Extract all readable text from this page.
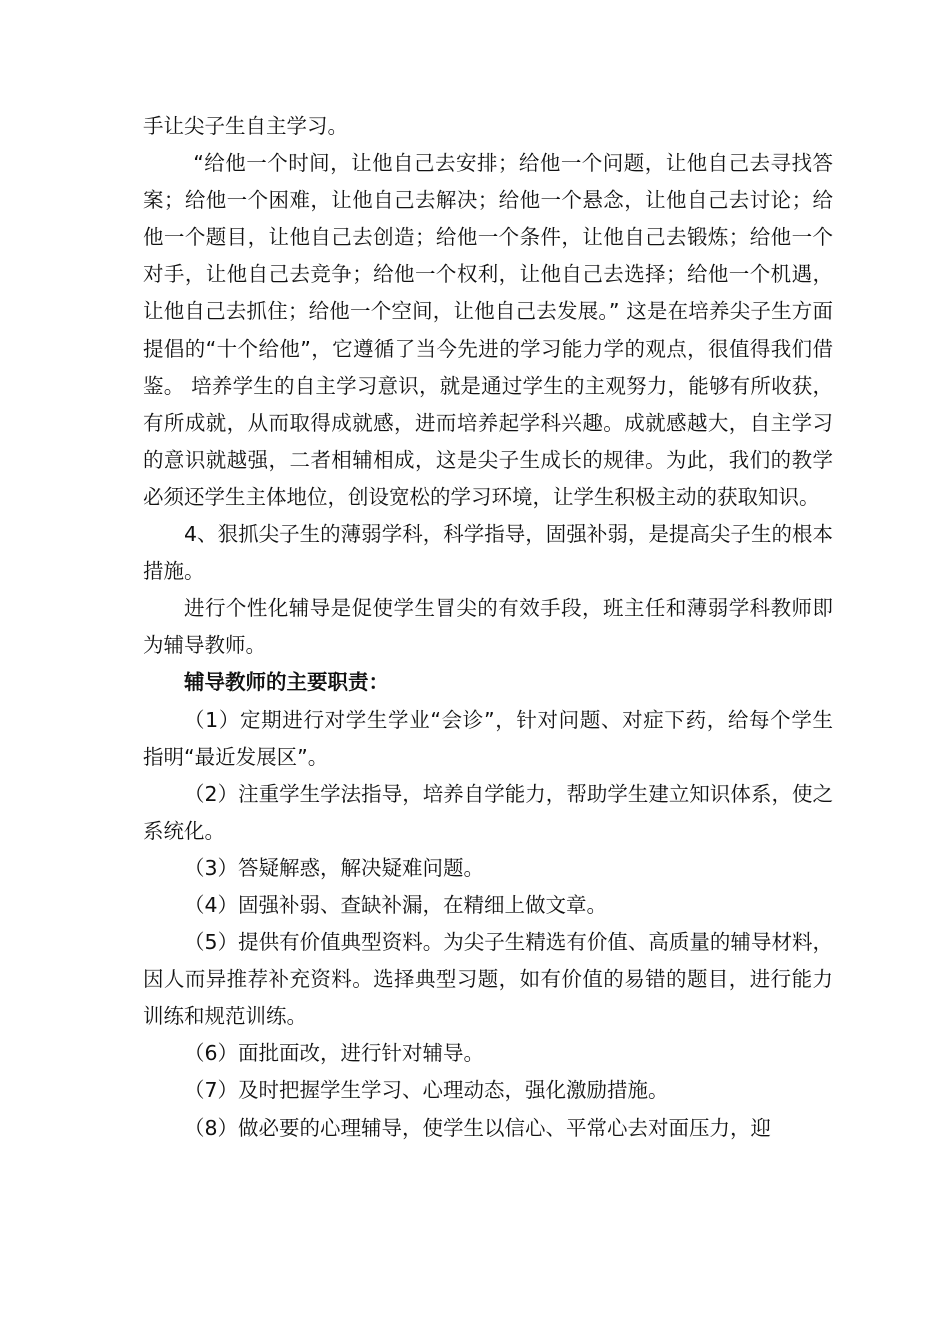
手让尖子生自主学习。

“给他一个时间，让他自己去安排；给他一个问题，让他自己去寻找答案；给他一个困难，让他自己去解决；给他一个悬念，让他自己去讨论；给他一个题目，让他自己去创造；给他一个条件，让他自己去锻炼；给他一个对手，让他自己去竞争；给他一个权利，让他自己去选择；给他一个机遇，让他自己去抓住；给他一个空间，让他自己去发展。” 这是在培养尖子生方面提倡的“十个给他”，它遵循了当今先进的学习能力学的观点，很值得我们借鉴。 培养学生的自主学习意识，就是通过学生的主观努力，能够有所收获，有所成就，从而取得成就感，进而培养起学科兴趣。成就感越大，自主学习的意识就越强，二者相辅相成，这是尖子生成长的规律。为此，我们的教学必须还学生主体地位，创设宽松的学习环境，让学生积极主动的获取知识。

4、狠抓尖子生的薄弱学科，科学指导，固强补弱，是提高尖子生的根本措施。

进行个性化辅导是促使学生冒尖的有效手段，班主任和薄弱学科教师即为辅导教师。

辅导教师的主要职责：

（1）定期进行对学生学业“会诊”，针对问题、对症下药，给每个学生指明“最近发展区”。

（2）注重学生学法指导，培养自学能力，帮助学生建立知识体系，使之系统化。

（3）答疑解惑，解决疑难问题。

（4）固强补弱、查缺补漏，在精细上做文章。

（5）提供有价值典型资料。为尖子生精选有价值、高质量的辅导材料，因人而异推荐补充资料。选择典型习题，如有价值的易错的题目，进行能力训练和规范训练。

（6）面批面改，进行针对辅导。

（7）及时把握学生学习、心理动态，强化激励措施。

（8）做必要的心理辅导，使学生以信心、平常心去对面压力，迎
